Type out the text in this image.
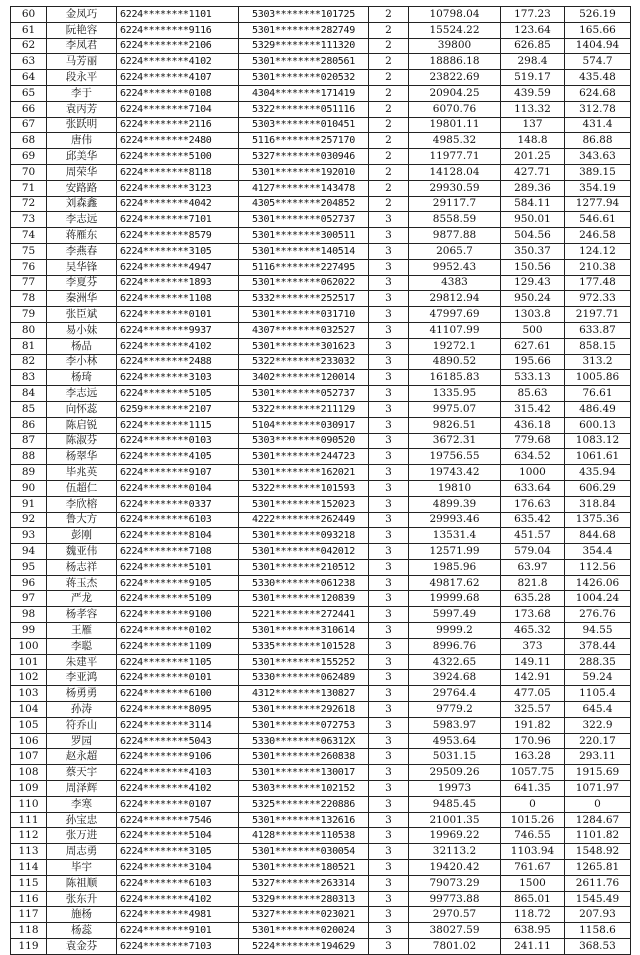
60	金凤巧	6224********1101	5303********101725	2	10798.04	177.23	526.19
61	阮艳容	6224********9116	5301********282749	2	15524.22	123.64	165.66
62	李凤君	6224********2106	5329********111320	2	39800	626.85	1404.94
63	马芳丽	6224********4102	5301********280561	2	18886.18	298.4	574.7
64	段永平	6224********4107	5301********020532	2	23822.69	519.17	435.48
65	李于	6224********0108	4304********171419	2	20904.25	439.59	624.68
66	袁丙芳	6224********7104	5322********051116	2	6070.76	113.32	312.78
67	张跃明	6224********2116	5303********010451	2	19801.11	137	431.4
68	唐伟	6224********2480	5116********257170	2	4985.32	148.8	86.88
69	邱美华	6224********5100	5327********030946	2	11977.71	201.25	343.63
70	周荣华	6224********8118	5301********192010	2	14128.04	427.71	389.15
71	安路路	6224********3123	4127********143478	2	29930.59	289.36	354.19
72	刘森鑫	6224********4042	4305********204852	2	29117.7	584.11	1277.94
73	李志远	6224********7101	5301********052737	3	8558.59	950.01	546.61
74	蒋雁东	6224********8579	5301********300511	3	9877.88	504.56	246.58
75	李燕春	6224********3105	5301********140514	3	2065.7	350.37	124.12
76	吴华锋	6224********4947	5116********227495	3	9952.43	150.56	210.38
77	李夏芬	6224********1893	5301********062022	3	4383	129.43	177.48
78	秦洲华	6224********1108	5332********252517	3	29812.94	950.24	972.33
79	张臣斌	6224********0101	5301********031710	3	47997.69	1303.8	2197.71
80	易小妹	6224********9937	4307********032527	3	41107.99	500	633.87
81	杨品	6224********4102	5301********301623	3	19272.1	627.61	858.15
82	李小林	6224********2488	5322********233032	3	4890.52	195.66	313.2
83	杨琦	6224********3103	3402********120014	3	16185.83	533.13	1005.86
84	李志远	6224********5105	5301********052737	3	1335.95	85.63	76.61
85	向怀蕊	6259********2107	5322********211129	3	9975.07	315.42	486.49
86	陈启锐	6224********1115	5104********030917	3	9826.51	436.18	600.13
87	陈淑芬	6224********0103	5303********090520	3	3672.31	779.68	1083.12
88	杨翠华	6224********4105	5301********244723	3	19756.55	634.52	1061.61
89	毕兆英	6224********9107	5301********162021	3	19743.42	1000	435.94
90	伍超仁	6224********0104	5322********101593	3	19810	633.64	606.29
91	李欣榕	6224********0337	5301********152023	3	4899.39	176.63	318.84
92	鲁大方	6224********6103	4222********262449	3	29993.46	635.42	1375.36
93	彭刚	6224********8104	5301********093218	3	13531.4	451.57	844.68
94	魏亚伟	6224********7108	5301********042012	3	12571.99	579.04	354.4
95	杨志祥	6224********5101	5301********210512	3	1985.96	63.97	112.56
96	蒋玉杰	6224********9105	5330********061238	3	49817.62	821.8	1426.06
97	严龙	6224********5109	5301********120839	3	19999.68	635.28	1004.24
98	杨孝容	6224********9100	5221********272441	3	5997.49	173.68	276.76
99	王雁	6224********0102	5301********310614	3	9999.2	465.32	94.55
100	李聪	6224********1109	5335********101528	3	8996.76	373	378.44
101	朱建平	6224********1105	5301********155252	3	4322.65	149.11	288.35
102	李亚鸿	6224********0101	5330********062489	3	3924.68	142.91	59.24
103	杨勇勇	6224********6100	4312********130827	3	29764.4	477.05	1105.4
104	孙涛	6224********8095	5301********292618	3	9779.2	325.57	645.4
105	符乔山	6224********3114	5301********072753	3	5983.97	191.82	322.9
106	罗园	6224********5043	5330********06312X	3	4953.64	170.96	220.17
107	赵永超	6224********9106	5301********260838	3	5031.15	163.28	293.11
108	蔡天宇	6224********4103	5301********130017	3	29509.26	1057.75	1915.69
109	周泽辉	6224********4102	5303********102152	3	19973	641.35	1071.97
110	李寒	6224********0107	5325********220886	3	9485.45	0	0
111	孙宝忠	6224********7546	5301********132616	3	21001.35	1015.26	1284.67
112	张万进	6224********5104	4128********110538	3	19969.22	746.55	1101.82
113	周志勇	6224********3105	5301********030054	3	32113.2	1103.94	1548.92
114	毕宇	6224********3104	5301********180521	3	19420.42	761.67	1265.81
115	陈祖顺	6224********6103	5327********263314	3	79073.29	1500	2611.76
116	张东升	6224********4102	5329********280313	3	99773.88	865.01	1545.49
117	施杨	6224********4981	5327********023021	3	2970.57	118.72	207.93
118	杨蕊	6224********9101	5301********020024	3	38027.59	638.95	1158.6
119	袁金芬	6224********7103	5224********194629	3	7801.02	241.11	368.53
